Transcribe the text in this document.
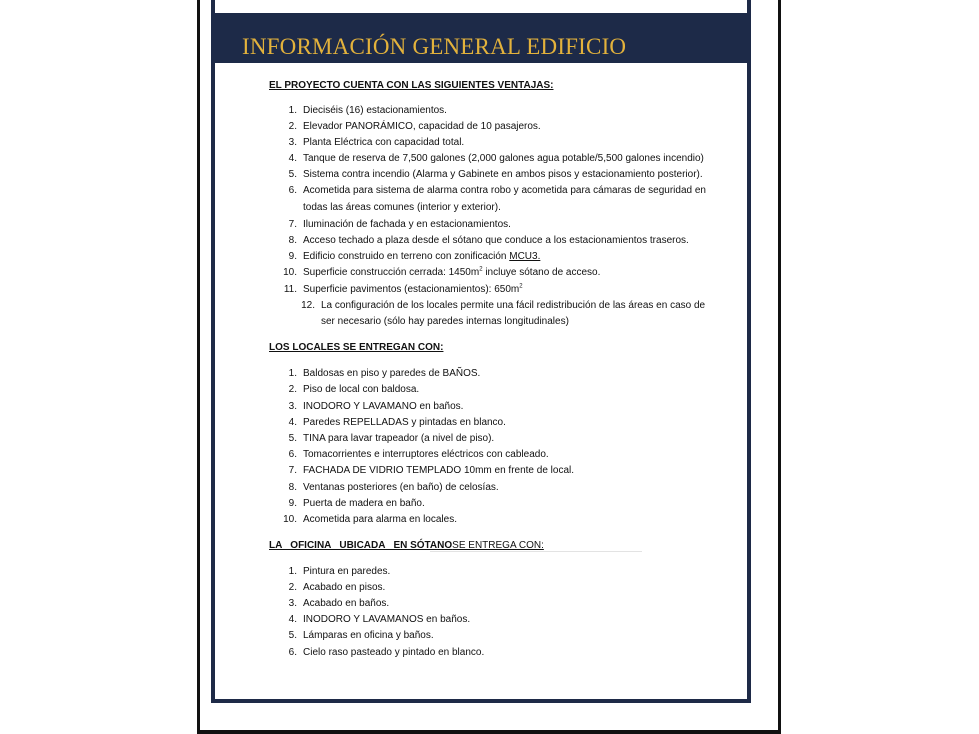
INFORMACIÓN GENERAL EDIFICIO
EL PROYECTO CUENTA CON LAS SIGUIENTES VENTAJAS:
1. Dieciséis (16) estacionamientos.
2. Elevador PANORÁMICO, capacidad de 10 pasajeros.
3. Planta Eléctrica con capacidad total.
4. Tanque de reserva de 7,500 galones (2,000 galones agua potable/5,500 galones incendio)
5. Sistema contra incendio (Alarma y Gabinete en ambos pisos y estacionamiento posterior).
6. Acometida para sistema de alarma contra robo y acometida para cámaras de seguridad en
todas las áreas comunes (interior y exterior).
7. Iluminación de fachada y en estacionamientos.
8. Acceso techado a plaza desde el sótano que conduce a los estacionamientos traseros.
9. Edificio construido en terreno con zonificación MCU3.
10. Superficie construcción cerrada: $1450m^2$ incluye sótano de acceso.
11. Superficie pavimentos (estacionamientos): $650m^2$
12. La configuración de los locales permite una fácil redistribución de las áreas en caso de
ser necesario (sólo hay paredes internas longitudinales)
LOS LOCALES SE ENTREGAN CON:
1. Baldosas en piso y paredes de BAÑOS.
2. Piso de local con baldosa.
3. INODORO Y LAVAMANO en baños.
4. Paredes REPELLADAS y pintadas en blanco.
5. TINA para lavar trapeador (a nivel de piso).
6. Tomacorrientes e interruptores eléctricos con cableado.
7. FACHADA DE VIDRIO TEMPLADO 10mm en frente de local.
8. Ventanas posteriores (en baño) de celosías.
9. Puerta de madera en baño.
10. Acometida para alarma en locales.
LA   OFICINA   UBICADA   EN SÓTANOSE ENTREGA CON:
1. Pintura en paredes.
2. Acabado en pisos.
3. Acabado en baños.
4. INODORO Y LAVAMANOS en baños.
5. Lámparas en oficina y baños.
6. Cielo raso pasteado y pintado en blanco.
